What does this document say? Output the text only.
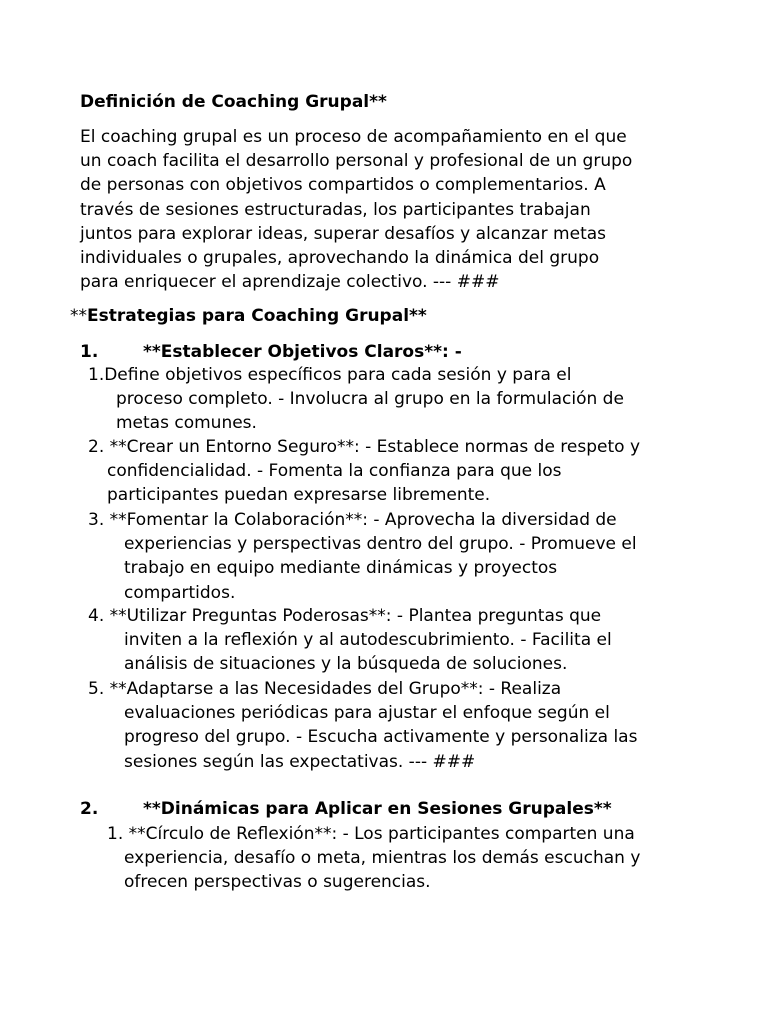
Definición de Coaching Grupal**

El coaching grupal es un proceso de acompañamiento en el que
un coach facilita el desarrollo personal y profesional de un grupo
de personas con objetivos compartidos o complementarios. A
través de sesiones estructuradas, los participantes trabajan
juntos para explorar ideas, superar desafíos y alcanzar metas
individuales o grupales, aprovechando la dinámica del grupo
para enriquecer el aprendizaje colectivo. --- ###

**Estrategias para Coaching Grupal**
1.	**Establecer Objetivos Claros**: -
1.Define objetivos específicos para cada sesión y para el
proceso completo. - Involucra al grupo en la formulación de
metas comunes.
2. **Crear un Entorno Seguro**: - Establece normas de respeto y
confidencialidad. - Fomenta la confianza para que los
participantes puedan expresarse libremente.
3. **Fomentar la Colaboración**: - Aprovecha la diversidad de
experiencias y perspectivas dentro del grupo. - Promueve el
trabajo en equipo mediante dinámicas y proyectos
compartidos.
4. **Utilizar Preguntas Poderosas**: - Plantea preguntas que
inviten a la reflexión y al autodescubrimiento. - Facilita el
análisis de situaciones y la búsqueda de soluciones.
5. **Adaptarse a las Necesidades del Grupo**: - Realiza
evaluaciones periódicas para ajustar el enfoque según el
progreso del grupo. - Escucha activamente y personaliza las
sesiones según las expectativas. --- ###
2.	**Dinámicas para Aplicar en Sesiones Grupales**
1. **Círculo de Reflexión**: - Los participantes comparten una
experiencia, desafío o meta, mientras los demás escuchan y
ofrecen perspectivas o sugerencias.
